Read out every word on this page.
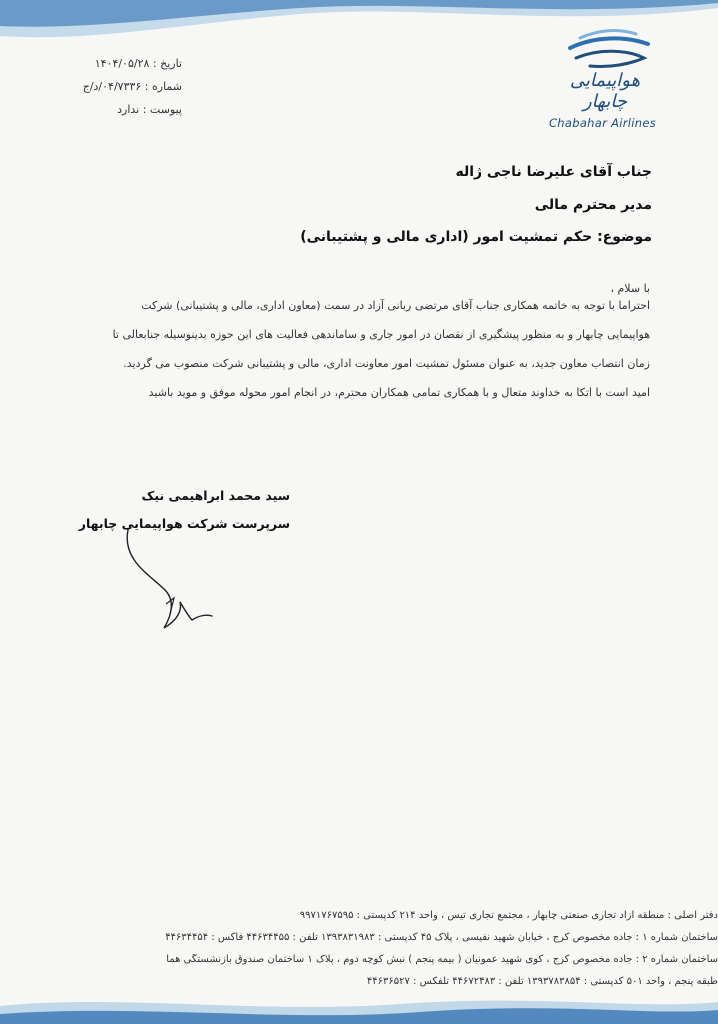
تاریخ : ۱۴۰۴/۰۵/۲۸
شماره : ۰۴/۷۳۳۶/د/ج
پیوست : ندارد
هواپیمایی چابهار
Chabahar Airlines
جناب آقای علیرضا ناجی ژاله
مدیر محترم مالی
موضوع: حکم تمشیت امور (اداری مالی و پشتیبانی)
با سلام ،
احتراما با توجه به خاتمه همکاری جناب آقای مرتضی ربانی آزاد در سمت (معاون اداری، مالی و پشتیبانی) شرکت
هواپیمایی چابهار و به منظور پیشگیری از نقصان در امور جاری و ساماندهی فعالیت های این حوزه بدینوسیله جنابعالی تا
زمان انتصاب معاون جدید، به عنوان مسئول تمشیت امور معاونت اداری، مالی و پشتیبانی شرکت منصوب می گردید.
امید است با اتکا به خداوند متعال و با همکاری تمامی همکاران محترم، در انجام امور محوله موفق و موید باشید
سید محمد ابراهیمی نیک
سرپرست شرکت هواپیمایی چابهار
دفتر اصلی : منطقه آزاد تجاری صنعتی چابهار ، مجتمع تجاری تیس ، واحد ۲۱۴ کدپستی : ۹۹۷۱۷۶۷۵۹۵
ساختمان شماره ۱ : جاده مخصوص کرج ، خیابان شهید نفیسی ، پلاک ۴۵ کدپستی : ۱۳۹۳۸۳۱۹۸۳ تلفن : ۴۴۶۳۴۴۵۵ فاکس : ۴۴۶۳۴۴۵۴
ساختمان شماره ۲ : جاده مخصوص کرج ، کوی شهید عمونیان ( بیمه پنجم ) نبش کوچه دوم ، پلاک ۱ ساختمان صندوق بازنشستگی هما
طبقه پنجم ، واحد ۵۰۱ کدپستی : ۱۳۹۳۷۸۳۸۵۴ تلفن : ۴۴۶۷۲۴۸۳ تلفکس : ۴۴۶۳۶۵۲۷
